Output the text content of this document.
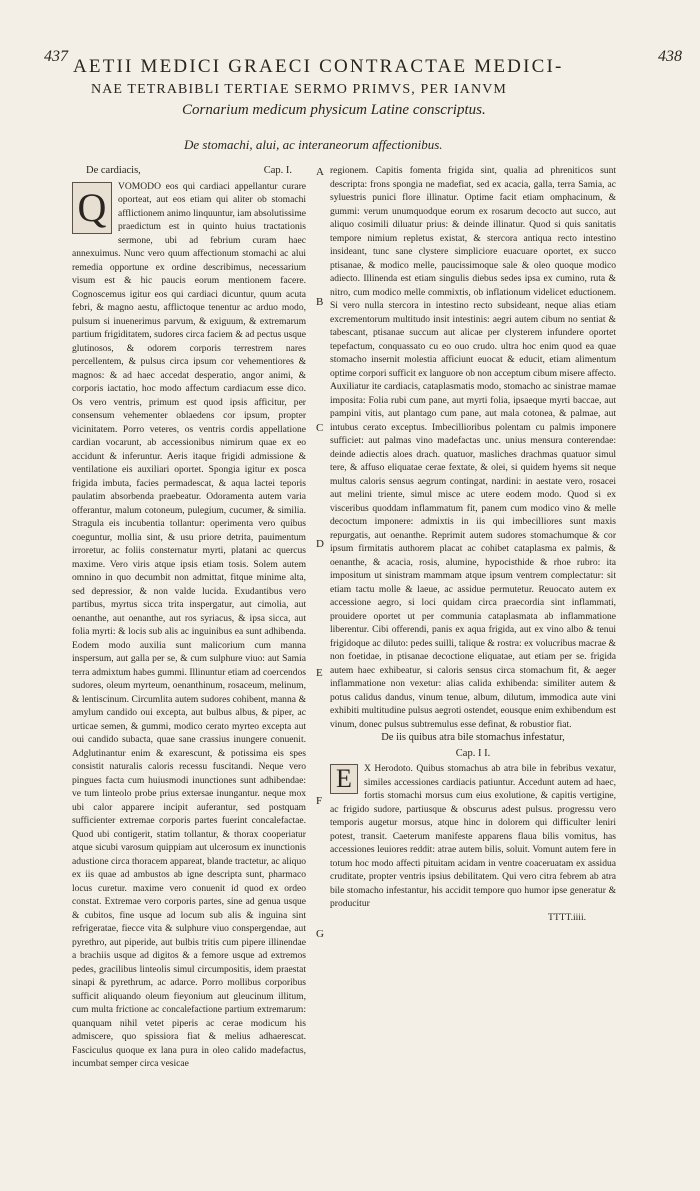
437	438
AETII MEDICI GRAECI CONTRACTAE MEDICI-
NAE TETRABIBLI TERTIAE SERMO PRIMVS, PER IANVM
Cornarium medicum physicum Latine conscriptus.
De stomachi, alui, ac interaneorum affectionibus.
De cardiacis,	Cap. I.
Q	VOMODO eos qui cardiaci appellantur curare oporteat, aut eos etiam qui aliter ob stomachi afflictionem animo linquuntur, iam absolutissime praedictum est in quinto huius tractationis sermone, ubi ad febrium curam haec annexuimus. Nunc vero quum affectionum stomachi ac alui remedia opportune ex ordine describimus, necessarium visum est & hic paucis eorum mentionem facere. Cognoscemus igitur eos qui cardiaci dicuntur, quum acuta febri, & magno aestu, afflictoque tenentur ac arduo modo, pulsum si inuenerimus parvum, & exiguum, & extremarum partium frigiditatem, sudores circa faciem & ad pectus usque glutinosos, & odorem corporis terrestrem nares percellentem, & pulsus circa ipsum cor vehementiores & magnos: & ad haec accedat desperatio, angor animi, & corporis iactatio, hoc modo affectum cardiacum esse dico. Os vero ventris, primum est quod ipsis afficitur, per consensum vehementer oblaedens cor ipsum, propter vicinitatem. Porro veteres, os ventris cordis appellatione cardian vocarunt, ab accessionibus nimirum quae ex eo accidunt & inferuntur. Aeris itaque frigidi admissione & ventilatione eis auxiliari oportet. Spongia igitur ex posca frigida imbuta, facies permadescat, & aqua lactei teporis paulatim absorbenda praebeatur. Odoramenta autem varia offerantur, malum cotoneum, pulegium, cucumer, & similia. Stragula eis incubentia tollantur: operimenta vero quibus coeguntur, mollia sint, & usu priore detrita, pauimentum irroretur, ac foliis consternatur myrti, platani ac quercus maxime. Vero viris atque ipsis etiam tosis. Solem autem omnino in quo decumbit non admittat, fitque minime alta, sed depressior, & non valde lucida. Exudantibus vero partibus, myrtus sicca trita inspergatur, aut cimolia, aut oenanthe, aut oenanthe, aut ros syriacus, & ipsa sicca, aut folia myrti: & locis sub alis ac inguinibus ea sunt adhibenda. Eodem modo auxilia sunt malicorium cum manna inspersum, aut galla per se, & cum sulphure viuo: aut Samia terra admixtum habes gummi. Illinuntur etiam ad coercendos sudores, oleum myrteum, oenanthinum, rosaceum, melinum, & lentiscinum. Circumlita autem sudores cohibent, manna & amylum candido oui excepta, aut bulbus albus, & piper, ac urticae semen, & gummi, modico cerato myrteo excepta aut oui candido subacta, quae sane crassius inungere conuenit. Adglutinantur enim & exarescunt, & potissima eis spes consistit naturalis caloris recessu fuscitandi. Neque vero pingues facta cum huiusmodi inunctiones sunt adhibendae: ve tum linteolo probe prius extersae inungantur. neque mox ubi calor apparere incipit auferantur, sed postquam sufficienter extremae corporis partes fuerint concalefactae. Quod ubi contigerit, statim tollantur, & thorax cooperiatur atque sicubi varosum quippiam aut ulcerosum ex inunctionis adustione circa thoracem appareat, blande tractetur, ac aliquo ex iis quae ad ambustos ab igne descripta sunt, pharmaco locus curetur. maxime vero conuenit id quod ex ordeo constat. Extremae vero corporis partes, sine ad genua usque & cubitos, fine usque ad locum sub alis & inguina sint refrigeratae, fiecce vita & sulphure viuo conspergendae, aut pyrethro, aut piperide, aut bulbis tritis cum pipere illinendae a brachiis usque ad digitos & a femore usque ad extremos pedes, gracilibus linteolis simul circumpositis, idem praestat sinapi & pyrethrum, ac adarce. Porro mollibus corporibus sufficit aliquando oleum fieyonium aut gleucinum illitum, cum multa frictione ac concalefactione partium extremarum: quanquam nihil vetet piperis ac cerae modicum his admiscere, quo spissiora fiat & melius adhaerescat. Fasciculus quoque ex lana pura in oleo calido madefactus, incumbat semper circa vesicae

regionem. Capitis fomenta frigida sint, qualia ad phreniticos sunt descripta: frons spongia ne madefiat, sed ex acacia, galla, terra Samia, ac syluestris punici flore illinatur. Optime facit etiam omphacinum, & gummi: verum unumquodque eorum ex rosarum decocto aut succo, aut aliquo cosimili diluatur prius: & deinde illinatur. Quod si quis sanitatis tempore nimium repletus existat, & stercora antiqua recto intestino insideant, tunc sane clystere simpliciore euacuare oportet, ex succo ptisanae, & modico melle, paucissimoque sale & oleo quoque modico adiecto. Illinenda est etiam singulis diebus sedes ipsa ex cumino, ruta & nitro, cum modico melle commixtis, ob inflationum videlicet eductionem. Si vero nulla stercora in intestino recto subsideant, neque alias etiam excrementorum multitudo insit intestinis: aegri autem cibum no sentiat & tabescant, ptisanae succum aut alicae per clysterem infundere oportet tepefactum, conquassato cu eo ouo crudo. ultra hoc enim quod ea quae stomacho insernit molestia afficiunt euocat & educit, etiam alimentum optime corpori sufficit ex languore ob non acceptum cibum misere affecto. Auxiliatur ite cardiacis, cataplasmatis modo, stomacho ac sinistrae mamae imposita: Folia rubi cum pane, aut myrti folia, ipsaeque myrti baccae, aut pampini vitis, aut plantago cum pane, aut mala cotonea, & palmae, aut intubus cerato exceptus. Imbecillioribus polentam cu palmis imponere sufficiet: aut palmas vino madefactas unc. unius mensura conterendae: deinde adiectis aloes drach. quatuor, masliches drachmas quatuor simul tere, & affuso eliquatae cerae fextate, & olei, si quidem hyems sit neque multus caloris sensus aegrum contingat, nardini: in aestate vero, rosacei aut melini triente, simul misce ac utere eodem modo. Quod si ex visceribus quoddam inflammatum fit, panem cum modico vino & melle decoctum imponere: admixtis in iis qui imbecilliores sunt maxis repurgatis, aut oenanthe. Reprimit autem sudores stomachumque & cor ipsum firmitatis authorem placat ac cohibet cataplasma ex palmis, & oenanthe, & acacia, rosis, alumine, hypocisthide & rhoe rubro: ita impositum ut sinistram mammam atque ipsum ventrem complectatur: sit etiam tactu molle & laeue, ac assidue permutetur. Reuocato autem ex accessione aegro, si loci quidam circa praecordia sint inflammati, prouidere oportet ut per communia cataplasmata ab inflammatione liberentur. Cibi offerendi, panis ex aqua frigida, aut ex vino albo & tenui frigidoque ac diluto: pedes suilli, talique & rostra: ex volucribus macrae & non foetidae, in ptisanae decoctione eliquatae, aut etiam per se. frigida autem haec exhibeatur, si caloris sensus circa stomachum fit, & aeger inflammatione non vexetur: alias calida exhibenda: similiter autem & potus calidus dandus, vinum tenue, album, dilutum, immodica aute vini exhibiti multitudine pulsus aegroti ostendet, eousque enim exhibendum est vinum, donec pulsus subtremulus esse definat, & robustior fiat.

De iis quibus atra bile stomachus infestatur,
Cap. I I.
E	X Herodoto. Quibus stomachus ab atra bile in febribus vexatur, similes accessiones cardiacis patiuntur. Accedunt autem ad haec, fortis stomachi morsus cum eius exolutione, & capitis vertigine, ac frigido sudore, partiusque & obscurus adest pulsus. progressu vero temporis augetur morsus, atque hinc in dolorem qui difficulter leniri potest, transit. Caeterum manifeste apparens flaua bilis vomitus, has accessiones leuiores reddit: atrae autem bilis, soluit. Vomunt autem fere in totum hoc modo affecti pituitam acidam in ventre coaceruatam ex assidua cruditate, propter ventris ipsius debilitatem. Qui vero citra febrem ab atra bile stomacho infestantur, his accidit tempore quo humor ipse generatur & producitur

TTTT.iiii.

A
B
C
D
E
F
G
